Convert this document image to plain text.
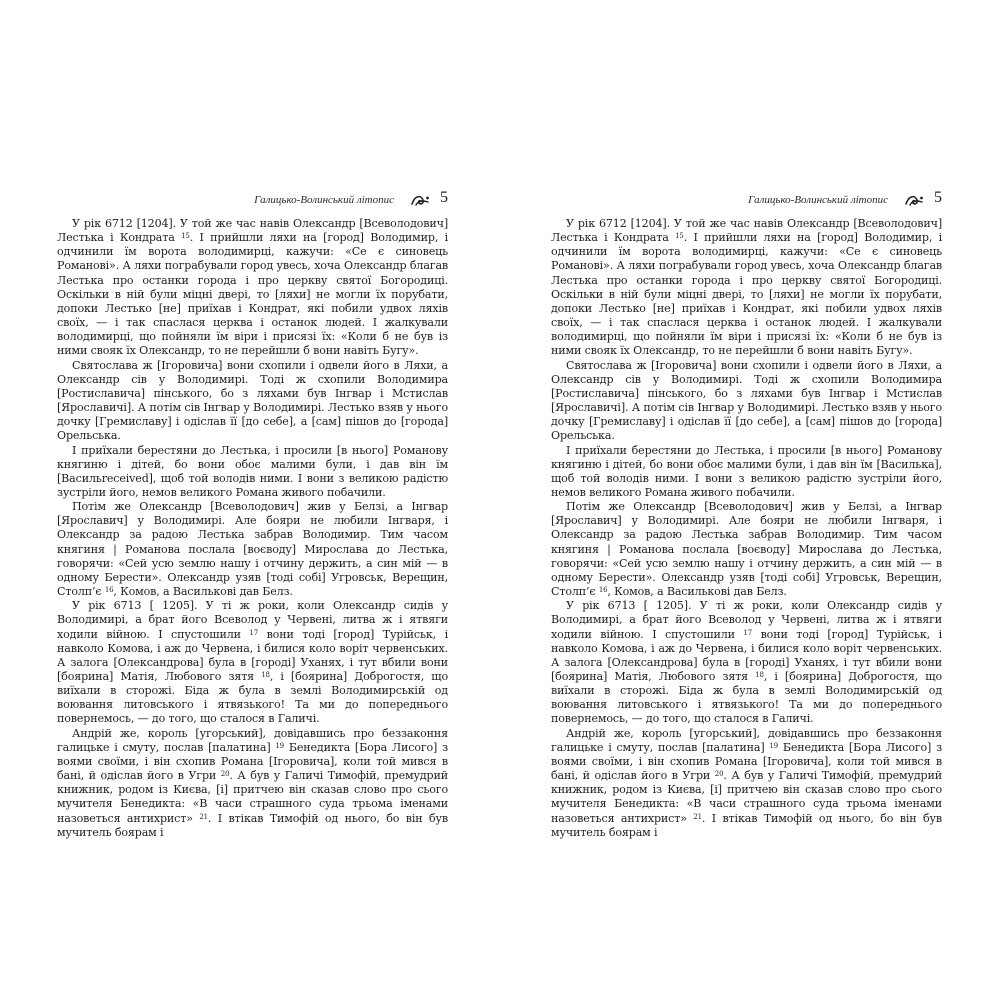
Галицько-Волинський літопис	5

У рік 6712 [1204]. У той же час навів Олександр [Всеволодович] Лестька і Кондрата $^{15}$. І прийшли ляхи на [город] Володимир, і одчинили їм ворота володимирці, кажучи: «Се є синовець Романові». А ляхи пограбували город увесь, хоча Олександр благав Лестька про останки города і про церкву святої Богородиці. Оскільки в ній були міцні двері, то [ляхи] не могли їх порубати, допоки Лестько [не] приїхав і Кондрат, які побили удвох ляхів своїх, — і так спаслася церква і останок людей. І жалкували володимирці, що пойняли їм віри і присязі їх: «Коли б не був із ними свояк їх Олександр, то не перейшли б вони навіть Бугу».

Святослава ж [Ігоровича] вони схопили і одвели його в Ляхи, а Олександр сів у Володимирі. Тоді ж схопили Володимира [Ростиславича] пінського, бо з ляхами був Інгвар і Мстислав [Ярославичі]. А потім сів Інгвар у Володимирі. Лестько взяв у нього дочку [Гремиславу] і одіслав її [до себе], а [сам] пішов до [города] Орельська.

І приїхали берестяни до Лестька, і просили [в нього] Романову княгиню і дітей, бо вони обоє малими були, і дав він їм [Васильreceived], щоб той володів ними. І вони з великою радістю зустріли його, немов великого Романа живого побачили.

Потім же Олександр [Всеволодович] жив у Белзі, а Інгвар [Ярославич] у Володимирі. Але бояри не любили Інгваря, і Олександр за радою Лестька забрав Володимир. Тим часом княгиня | Романова послала [воєводу] Мирослава до Лестька, говорячи: «Сей усю землю нашу і отчину держить, а син мій — в одному Берести». Олександр узяв [тоді собі] Угровськ, Верещин, Столп’є $^{16}$, Комов, а Васильковi дав Белз.

У рік 6713 [ 1205]. У ті ж роки, коли Олександр сидів у Володимирі, а брат його Всеволод у Червені, литва ж і ятвяги ходили війною. І спустошили $^{17}$ вони тоді [город] Турійськ, і навколо Комова, і аж до Червена, і билися коло воріт червенських. А залога [Олександрова] була в [городі] Уханях, і тут вбили вони [боярина] Матія, Любового зятя $^{18}$, і [боярина] Доброгостя, що виїхали в сторожі. Біда ж була в землі Володимирській од воювання литовського і ятвязького! Та ми до попереднього повернемось, — до того, що сталося в Галичі.

Андрій же, король [угорський], довідавшись про беззаконня галицьке і смуту, послав [палатина] $^{19}$ Бенедикта [Бора Лисого] з воями своїми, і він схопив Романа [Ігоровича], коли той мився в бані, й одіслав його в Угри $^{20}$. А був у Галичі Тимофій, премудрий книжник, родом із Києва, [і] притчею він сказав слово про сього мучителя Бенедикта: «В часи страшного суда трьома іменами назоветься антихрист» $^{21}$. І втікав Тимофій од нього, бо він був мучитель боярам і

Галицько-Волинський літопис	5

У рік 6712 [1204]. У той же час навів Олександр [Всеволодович] Лестька і Кондрата $^{15}$. І прийшли ляхи на [город] Володимир, і одчинили їм ворота володимирці, кажучи: «Се є синовець Романові». А ляхи пограбували город увесь, хоча Олександр благав Лестька про останки города і про церкву святої Богородиці. Оскільки в ній були міцні двері, то [ляхи] не могли їх порубати, допоки Лестько [не] приїхав і Кондрат, які побили удвох ляхів своїх, — і так спаслася церква і останок людей. І жалкували володимирці, що пойняли їм віри і присязі їх: «Коли б не був із ними свояк їх Олександр, то не перейшли б вони навіть Бугу».

Святослава ж [Ігоровича] вони схопили і одвели його в Ляхи, а Олександр сів у Володимирі. Тоді ж схопили Володимира [Ростиславича] пінського, бо з ляхами був Інгвар і Мстислав [Ярославичі]. А потім сів Інгвар у Володимирі. Лестько взяв у нього дочку [Гремиславу] і одіслав її [до себе], а [сам] пішов до [города] Орельська.

І приїхали берестяни до Лестька, і просили [в нього] Романову княгиню і дітей, бо вони обоє малими були, і дав він їм [Василька], щоб той володів ними. І вони з великою радістю зустріли його, немов великого Романа живого побачили.

Потім же Олександр [Всеволодович] жив у Белзі, а Інгвар [Ярославич] у Володимирі. Але бояри не любили Інгваря, і Олександр за радою Лестька забрав Володимир. Тим часом княгиня | Романова послала [воєводу] Мирослава до Лестька, говорячи: «Сей усю землю нашу і отчину держить, а син мій — в одному Берести». Олександр узяв [тоді собі] Угровськ, Верещин, Столп’є $^{16}$, Комов, а Васильковi дав Белз.

У рік 6713 [ 1205]. У ті ж роки, коли Олександр сидів у Володимирі, а брат його Всеволод у Червені, литва ж і ятвяги ходили війною. І спустошили $^{17}$ вони тоді [город] Турійськ, і навколо Комова, і аж до Червена, і билися коло воріт червенських. А залога [Олександрова] була в [городі] Уханях, і тут вбили вони [боярина] Матія, Любового зятя $^{18}$, і [боярина] Доброгостя, що виїхали в сторожі. Біда ж була в землі Володимирській од воювання литовського і ятвязького! Та ми до попереднього повернемось, — до того, що сталося в Галичі.

Андрій же, король [угорський], довідавшись про беззаконня галицьке і смуту, послав [палатина] $^{19}$ Бенедикта [Бора Лисого] з воями своїми, і він схопив Романа [Ігоровича], коли той мився в бані, й одіслав його в Угри $^{20}$. А був у Галичі Тимофій, премудрий книжник, родом із Києва, [і] притчею він сказав слово про сього мучителя Бенедикта: «В часи страшного суда трьома іменами назоветься антихрист» $^{21}$. І втікав Тимофій од нього, бо він був мучитель боярам і
